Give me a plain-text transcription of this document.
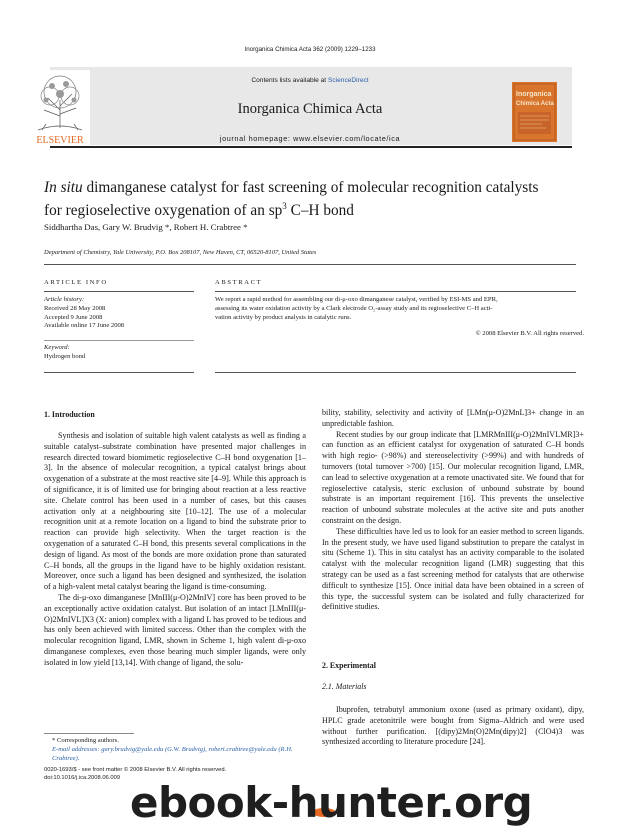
Inorganica Chimica Acta 362 (2009) 1229–1233
ELSEVIER
Contents lists available at ScienceDirect
Inorganica Chimica Acta
journal homepage: www.elsevier.com/locate/ica
Inorganica
Chimica Acta
In situ dimanganese catalyst for fast screening of molecular recognition catalysts
for regioselective oxygenation of an $sp^3$ C–H bond
Siddhartha Das, Gary W. Brudvig *, Robert H. Crabtree *
Department of Chemistry, Yale University, P.O. Box 208107, New Haven, CT, 06520-8107, United States
ARTICLE INFO
Article history:
Received 28 May 2008
Accepted 9 June 2008
Available online 17 June 2008
Keyword:
Hydrogen bond
ABSTRACT
We report a rapid method for assembling our di-μ-oxo dimanganese catalyst, verified by ESI-MS and EPR,
assessing its water oxidation activity by a Clark electrode O₂-assay study and its regioselective C–H acti-
vation activity by product analysis in catalytic runs.
© 2008 Elsevier B.V. All rights reserved.
1. Introduction

Synthesis and isolation of suitable high valent catalysts as well as finding a suitable catalyst–substrate combination have presented major challenges in research directed toward biomimetic regioselective C–H bond oxygenation [1–3]. In the absence of molecular recognition, a typical catalyst brings about oxygenation of a substrate at the most reactive site [4–9]. While this approach is of significance, it is of limited use for bringing about reaction at a less reactive site. Chelate control has been used in a number of cases, but this causes activation only at a neighbouring site [10–12]. The use of a molecular recognition unit at a remote location on a ligand to bind the substrate prior to reaction can provide high selectivity. When the target reaction is the oxygenation of a saturated C–H bond, this presents several complications in the design of ligand. As most of the bonds are more oxidation prone than saturated C–H bonds, all the groups in the ligand have to be highly oxidation resistant. Moreover, once such a ligand has been designed and synthesized, the isolation of a high-valent metal catalyst bearing the ligand is time-consuming.

The di-μ-oxo dimanganese [MnIII(μ-O)2MnIV] core has been proved to be an exceptionally active oxidation catalyst. But isolation of an intact [LMnIII(μ-O)2MnIVL]X3 (X: anion) complex with a ligand L has proved to be tedious and has only been achieved with limited success. Other than the complex with the molecular recognition ligand, LMR, shown in Scheme 1, high valent di-μ-oxo dimanganese complexes, even those bearing much simpler ligands, were only isolated in low yield [13,14]. With change of ligand, the solu-

* Corresponding authors.
E-mail addresses: gary.brudvig@yale.edu (G.W. Brudvig), robert.crabtree@yale.edu (R.H. Crabtree).
0020-1693/$ - see front matter © 2008 Elsevier B.V. All rights reserved.
doi:10.1016/j.ica.2008.06.009

bility, stability, selectivity and activity of [LMn(μ-O)2MnL]3+ change in an unpredictable fashion.

Recent studies by our group indicate that [LMRMnIII(μ-O)2MnIVLMR]3+ can function as an efficient catalyst for oxygenation of saturated C–H bonds with high regio- (>98%) and stereoselectivity (>99%) and with hundreds of turnovers (total turnover >700) [15]. Our molecular recognition ligand, LMR, can lead to selective oxygenation at a remote unactivated site. We found that for regioselective catalysis, steric exclusion of unbound substrate by bound substrate is an important requirement [16]. This prevents the unselective reaction of unbound substrate molecules at the active site and puts another constraint on the design.

These difficulties have led us to look for an easier method to screen ligands. In the present study, we have used ligand substitution to prepare the catalyst in situ (Scheme 1). This in situ catalyst has an activity comparable to the isolated catalyst with the molecular recognition ligand (LMR) suggesting that this strategy can be used as a fast screening method for catalysts that are otherwise difficult to synthesize [15]. Once initial data have been obtained in a screen of this type, the successful system can be isolated and fully characterized for definitive studies.

2. Experimental
2.1. Materials

Ibuprofen, tetrabutyl ammonium oxone (used as primary oxidant), dipy, HPLC grade acetonitrile were bought from Sigma–Aldrich and were used without further purification. [(dipy)2Mn(O)2Mn(dipy)2] (ClO4)3 was synthesized according to literature procedure [24].

ebook-hunter.org
